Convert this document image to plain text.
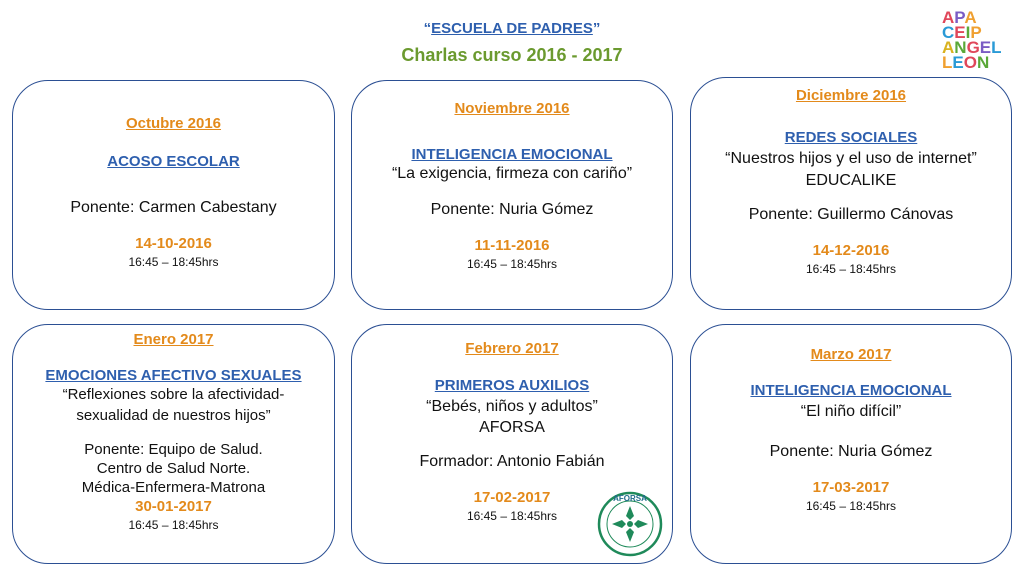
“ESCUELA DE PADRES”
Charlas curso 2016 - 2017
APA
CEIP
ANGEL
LEON
Octubre 2016
ACOSO ESCOLAR
Ponente: Carmen Cabestany
14-10-2016
16:45 – 18:45hrs
Noviembre 2016
INTELIGENCIA EMOCIONAL
“La exigencia, firmeza con cariño”
Ponente: Nuria Gómez
11-11-2016
16:45 – 18:45hrs
Diciembre 2016
REDES SOCIALES
“Nuestros hijos y el uso de internet”
EDUCALIKE
Ponente: Guillermo Cánovas
14-12-2016
16:45 – 18:45hrs
Enero 2017
EMOCIONES AFECTIVO SEXUALES
“Reflexiones sobre la afectividad-
sexualidad de nuestros hijos”
Ponente: Equipo de Salud.
Centro de Salud Norte.
Médica-Enfermera-Matrona
30-01-2017
16:45 – 18:45hrs
Febrero 2017
PRIMEROS AUXILIOS
“Bebés, niños y adultos”
AFORSA
Formador: Antonio Fabián
17-02-2017
16:45 – 18:45hrs
Marzo 2017
INTELIGENCIA EMOCIONAL
“El niño difícil”
Ponente: Nuria Gómez
17-03-2017
16:45 – 18:45hrs
AFORSA
